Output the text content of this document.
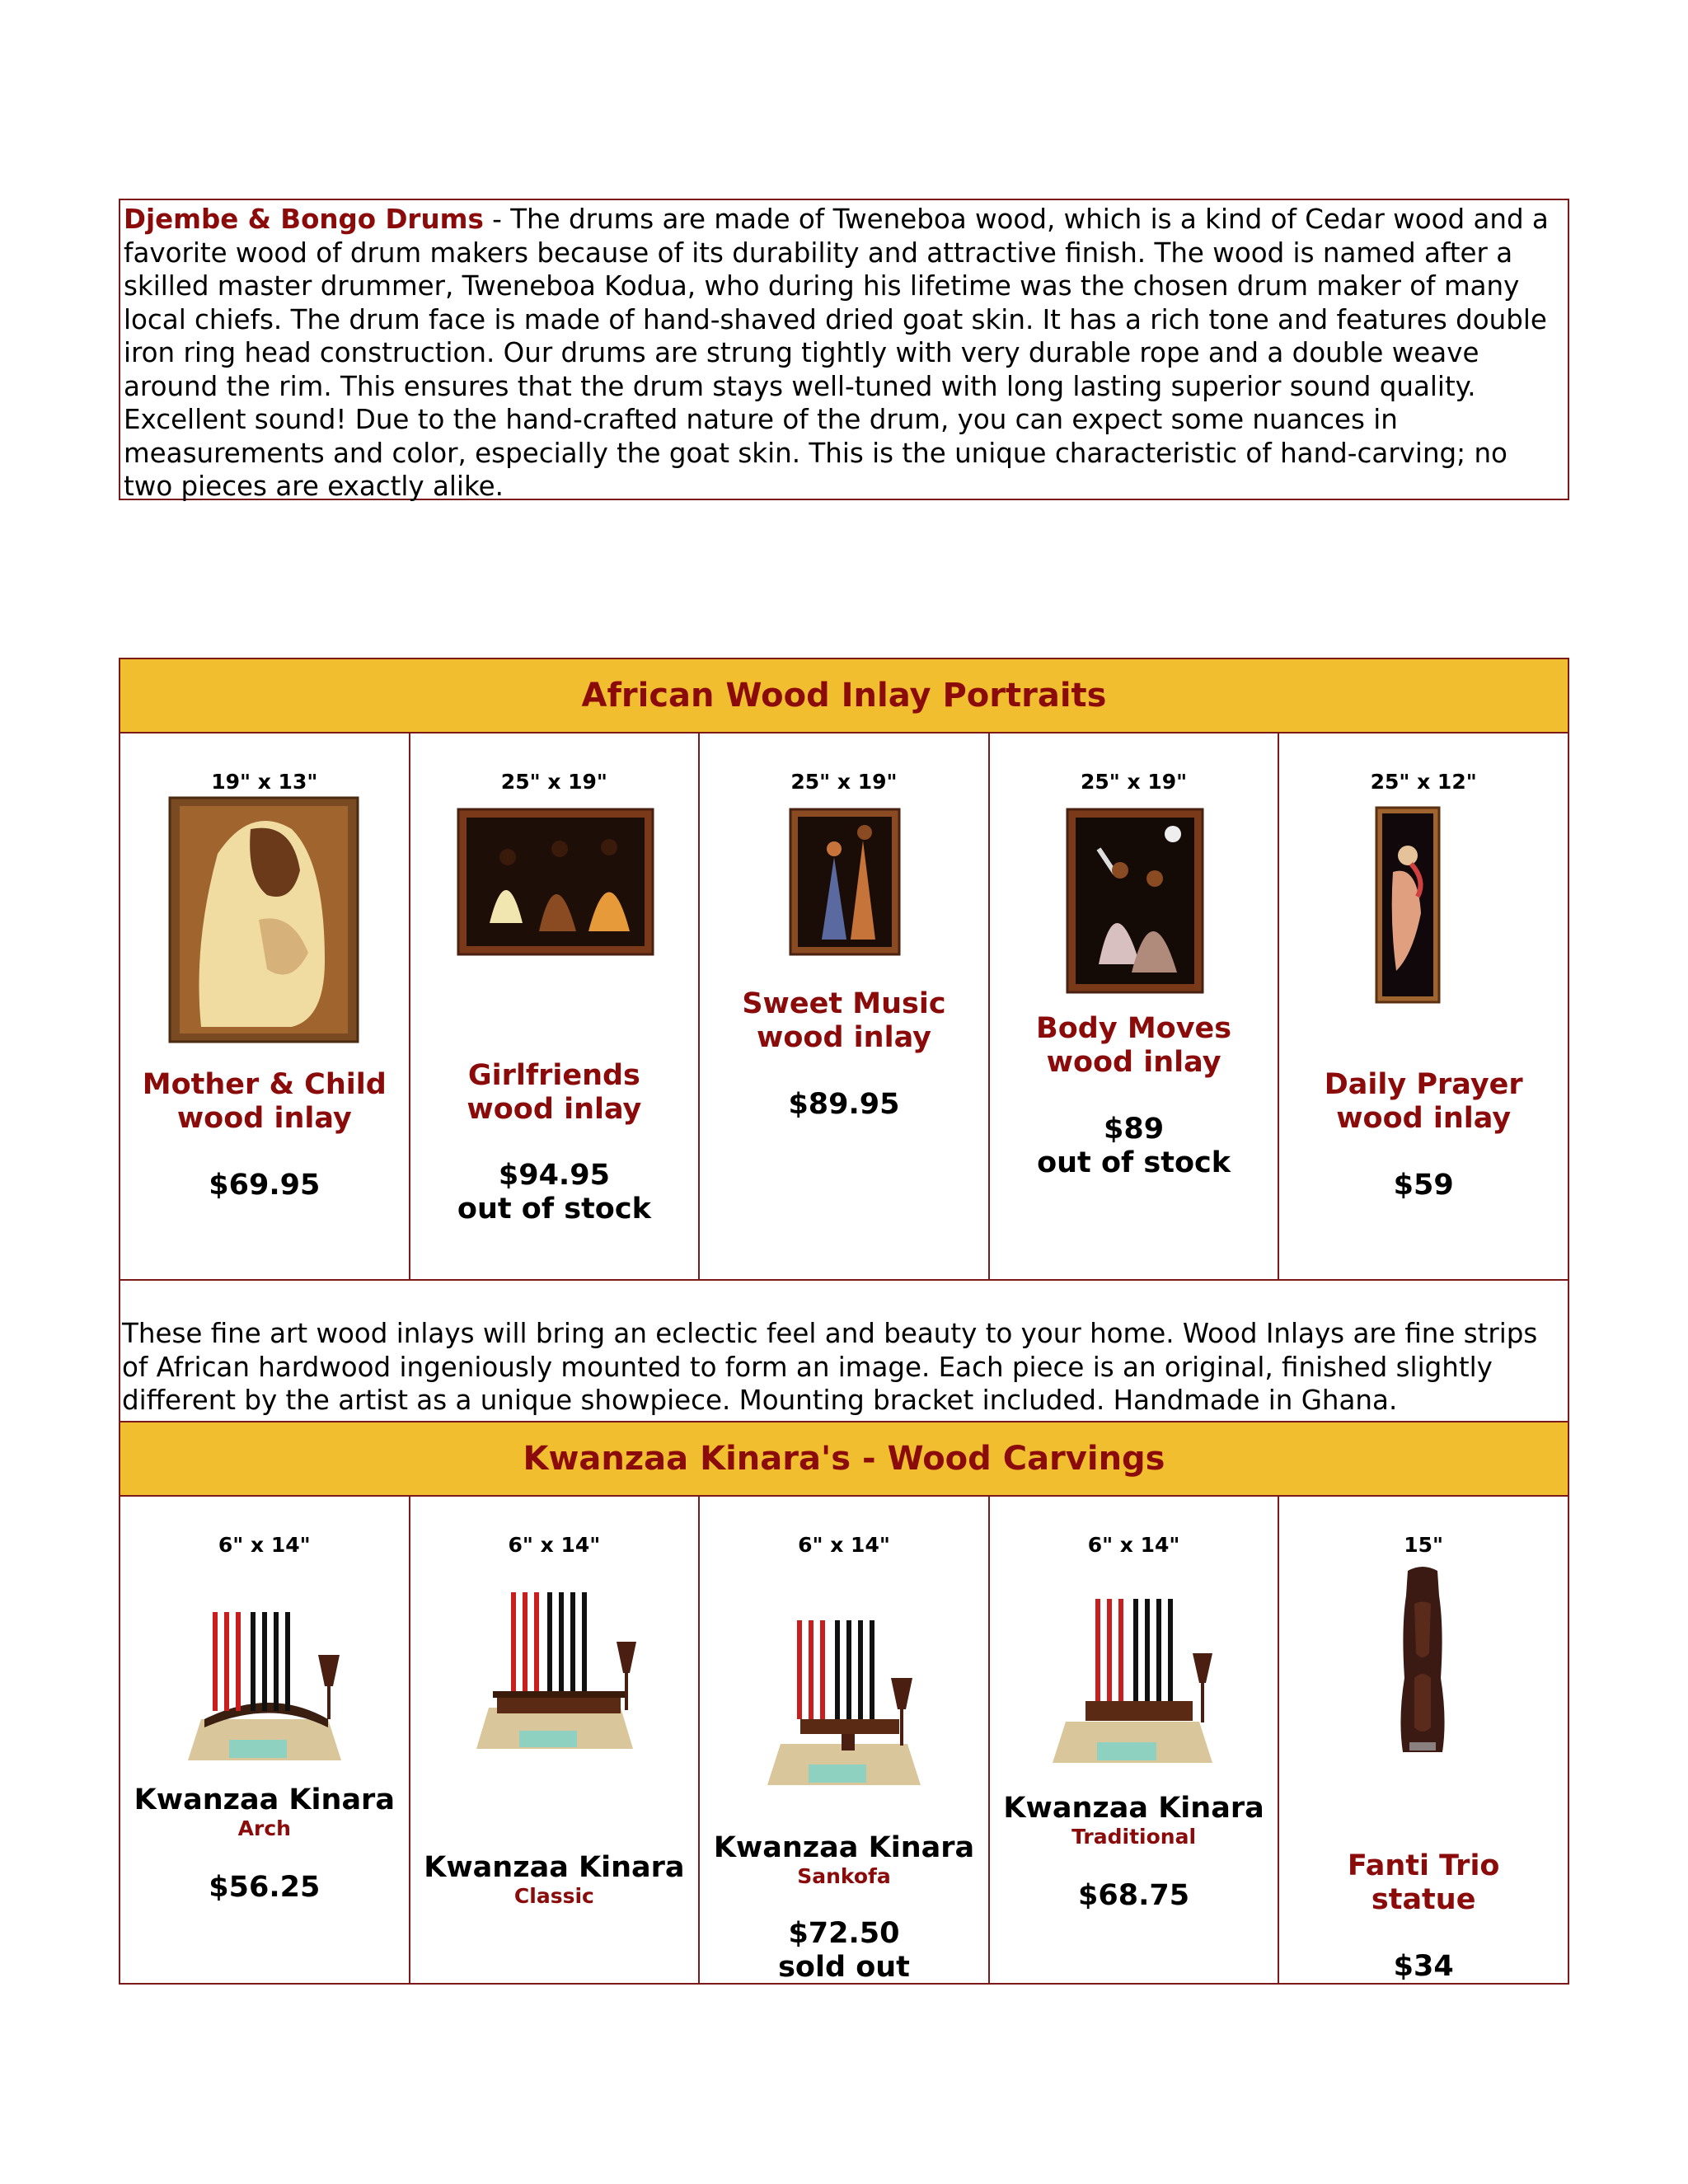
Djembe & Bongo Drums - The drums are made of Tweneboa wood, which is a kind of Cedar wood and a favorite wood of drum makers because of its durability and attractive finish. The wood is named after a skilled master drummer, Tweneboa Kodua, who during his lifetime was the chosen drum maker of many local chiefs. The drum face is made of hand-shaved dried goat skin. It has a rich tone and features double iron ring head construction. Our drums are strung tightly with very durable rope and a double weave around the rim. This ensures that the drum stays well-tuned with long lasting superior sound quality. Excellent sound! Due to the hand-crafted nature of the drum, you can expect some nuances in measurements and color, especially the goat skin. This is the unique characteristic of hand-carving; no two pieces are exactly alike.
African Wood Inlay Portraits
19" x 13"
Mother & Child
wood inlay
$69.95
25" x 19"
Girlfriends
wood inlay
$94.95
out of stock
25" x 19"
Sweet Music
wood inlay
$89.95
25" x 19"
Body Moves
wood inlay
$89
out of stock
25" x 12"
Daily Prayer
wood inlay
$59
These fine art wood inlays will bring an eclectic feel and beauty to your home. Wood Inlays are fine strips of African hardwood ingeniously mounted to form an image. Each piece is an original, finished slightly different by the artist as a unique showpiece. Mounting bracket included. Handmade in Ghana.
Kwanzaa Kinara's - Wood Carvings
6" x 14"
Kwanzaa Kinara
Arch
$56.25
6" x 14"
Kwanzaa Kinara
Classic
6" x 14"
Kwanzaa Kinara
Sankofa
$72.50
sold out
6" x 14"
Kwanzaa Kinara
Traditional
$68.75
15"
Fanti Trio
statue
$34
